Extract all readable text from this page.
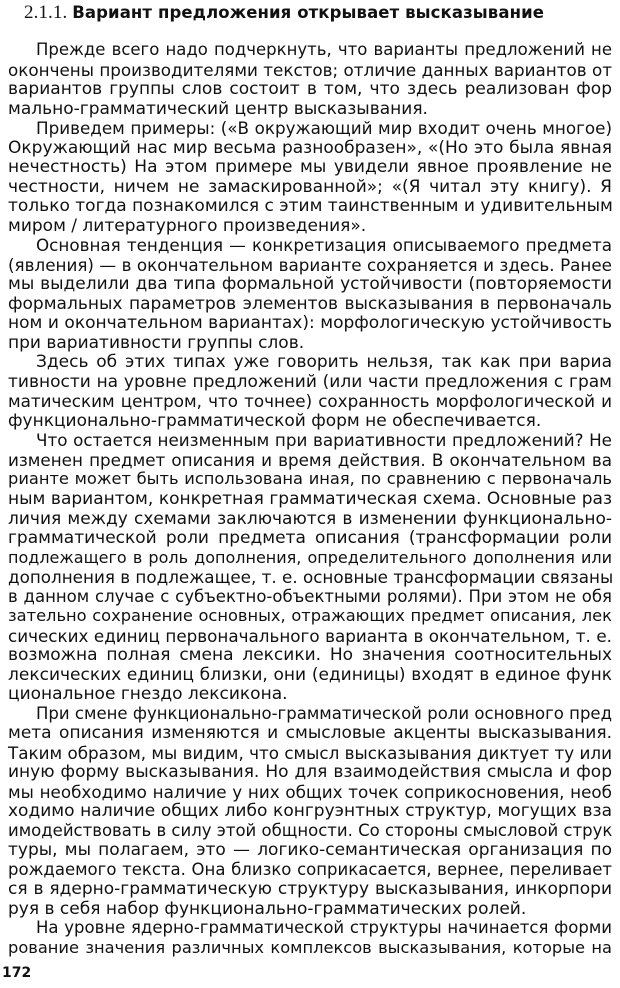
2.1.1. Вариант предложения открывает высказывание
Прежде всего надо подчеркнуть, что варианты предложений не
окончены производителями текстов; отличие данных вариантов от
вариантов группы слов состоит в том, что здесь реализован фор
мально-грамматический центр высказывания.
Приведем примеры: («В окружающий мир входит очень многое)
Окружающий нас мир весьма разнообразен», «(Но это была явная
нечестность) На этом примере мы увидели явное проявление не
честности, ничем не замаскированной»; «(Я читал эту книгу). Я
только тогда познакомился с этим таинственным и удивительным
миром / литературного произведения».
Основная тенденция — конкретизация описываемого предмета
(явления) — в окончательном варианте сохраняется и здесь. Ранее
мы выделили два типа формальной устойчивости (повторяемости
формальных параметров элементов высказывания в первоначаль
ном и окончательном вариантах): морфологическую устойчивость
при вариативности группы слов.
Здесь об этих типах уже говорить нельзя, так как при вариа
тивности на уровне предложений (или части предложения с грам
матическим центром, что точнее) сохранность морфологической и
функционально-грамматической форм не обеспечивается.
Что остается неизменным при вариативности предложений? Не
изменен предмет описания и время действия. В окончательном ва
рианте может быть использована иная, по сравнению с первоначаль
ным вариантом, конкретная грамматическая схема. Основные раз
личия между схемами заключаются в изменении функционально-
грамматической роли предмета описания (трансформации роли
подлежащего в роль дополнения, определительного дополнения или
дополнения в подлежащее, т. е. основные трансформации связаны
в данном случае с субъектно-объектными ролями). При этом не обя
зательно сохранение основных, отражающих предмет описания, лек
сических единиц первоначального варианта в окончательном, т. е.
возможна полная смена лексики. Но значения соотносительных
лексических единиц близки, они (единицы) входят в единое функ
циональное гнездо лексикона.
При смене функционально-грамматической роли основного пред
мета описания изменяются и смысловые акценты высказывания.
Таким образом, мы видим, что смысл высказывания диктует ту или
иную форму высказывания. Но для взаимодействия смысла и фор
мы необходимо наличие у них общих точек соприкосновения, необ
ходимо наличие общих либо конгруэнтных структур, могущих вза
имодействовать в силу этой общности. Со стороны смысловой струк
туры, мы полагаем, это — логико-семантическая организация по
рождаемого текста. Она близко соприкасается, вернее, переливает
ся в ядерно-грамматическую структуру высказывания, инкорпори
руя в себя набор функционально-грамматических ролей.
На уровне ядерно-грамматической структуры начинается форми
рование значения различных комплексов высказывания, которые на
172
